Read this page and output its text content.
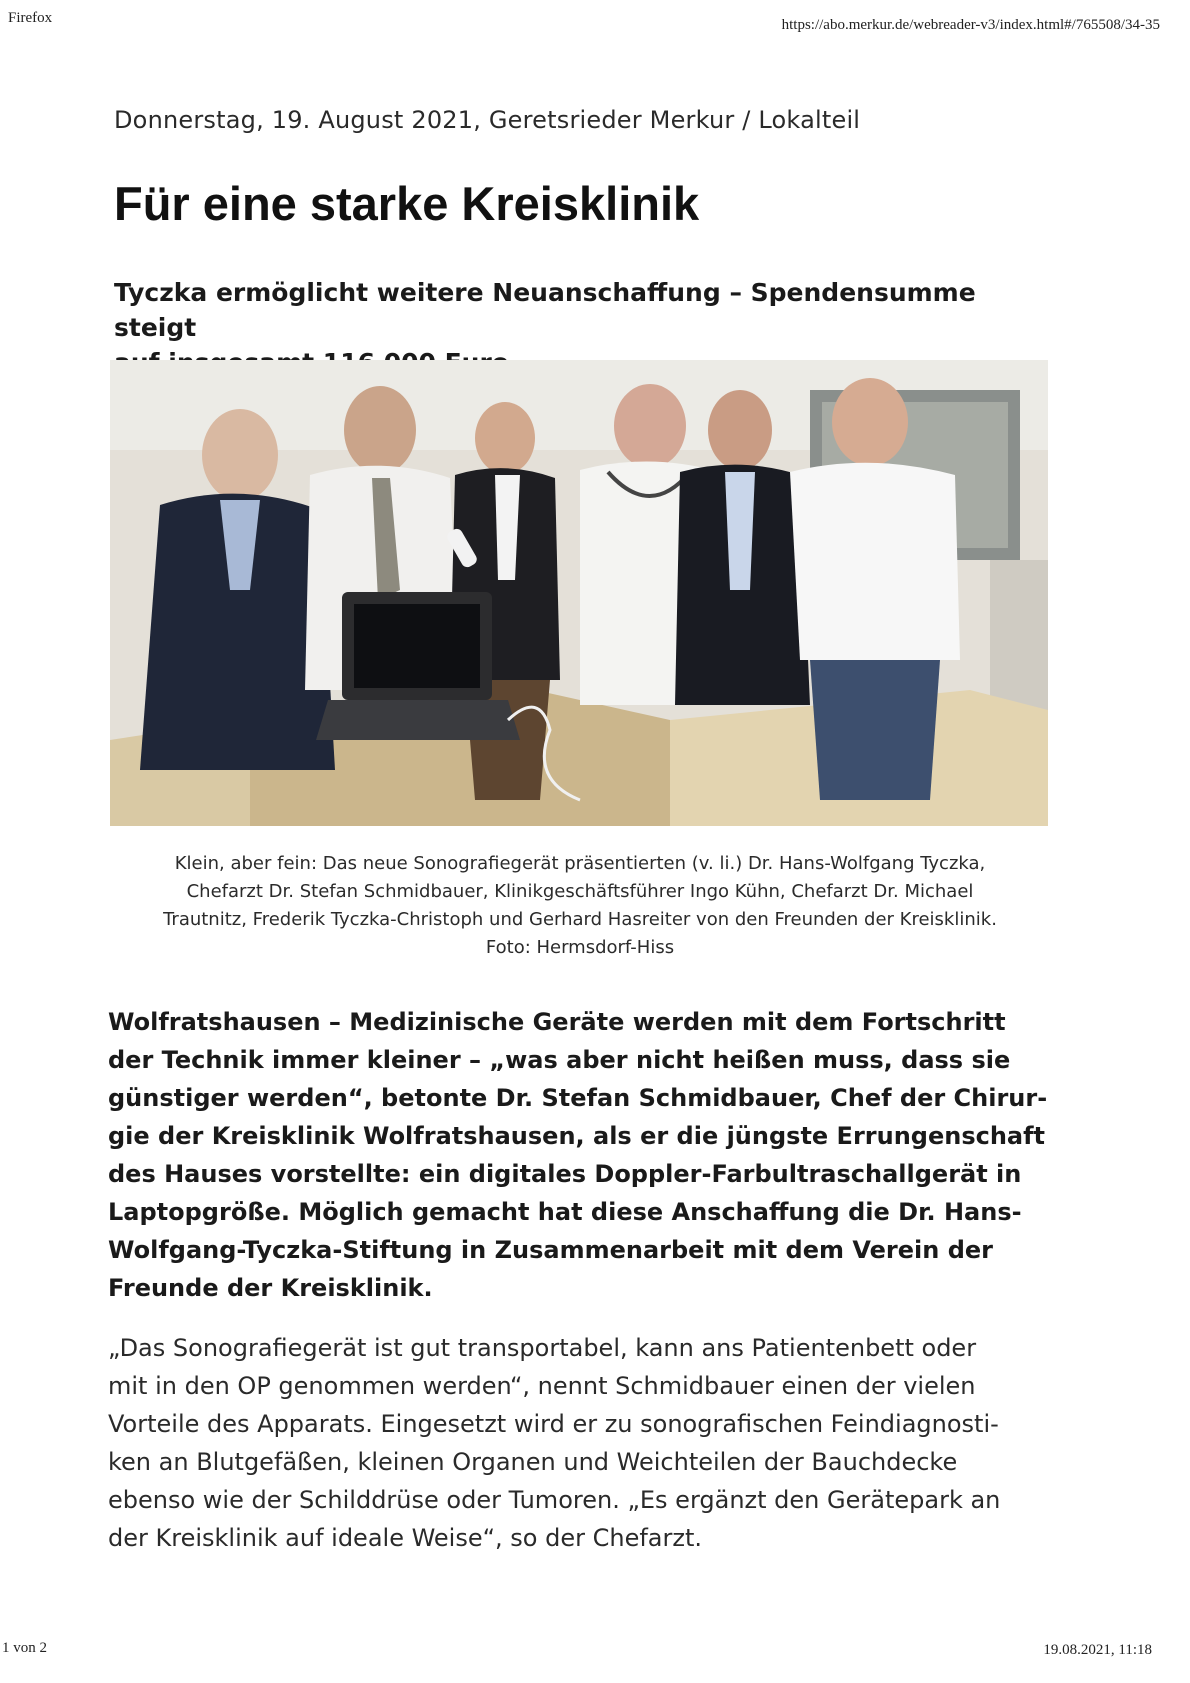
Firefox	https://abo.merkur.de/webreader-v3/index.html#/765508/34-35
Donnerstag, 19. August 2021, Geretsrieder Merkur / Lokalteil
Für eine starke Kreisklinik
Tyczka ermöglicht weitere Neuanschaffung – Spendensumme steigt

Klein, aber fein: Das neue Sonografiegerät präsentierten (v. li.) Dr. Hans-Wolfgang Tyczka,

Chefarzt Dr. Stefan Schmidbauer, Klinikgeschäftsführer Ingo Kühn, Chefarzt Dr. Michael

Trautnitz, Frederik Tyczka-Christoph und Gerhard Hasreiter von den Freunden der Kreisklinik.

Foto: Hermsdorf-Hiss

Wolfratshausen – Medizinische Geräte werden mit dem Fortschritt

der Technik immer kleiner – „was aber nicht heißen muss, dass sie

günstiger werden“, betonte Dr. Stefan Schmidbauer, Chef der Chirur-

gie der Kreisklinik Wolfratshausen, als er die jüngste Errungenschaft

des Hauses vorstellte: ein digitales Doppler-Farbultraschallgerät in

Laptopgröße. Möglich gemacht hat diese Anschaffung die Dr. Hans-

Wolfgang-Tyczka-Stiftung in Zusammenarbeit mit dem Verein der

Freunde der Kreisklinik.

„Das Sonografiegerät ist gut transportabel, kann ans Patientenbett oder

mit in den OP genommen werden“, nennt Schmidbauer einen der vielen

Vorteile des Apparats. Eingesetzt wird er zu sonografischen Feindiagnosti-

ken an Blutgefäßen, kleinen Organen und Weichteilen der Bauchdecke

ebenso wie der Schilddrüse oder Tumoren. „Es ergänzt den Gerätepark an

der Kreisklinik auf ideale Weise“, so der Chefarzt.

1 von 2	19.08.2021, 11:18
